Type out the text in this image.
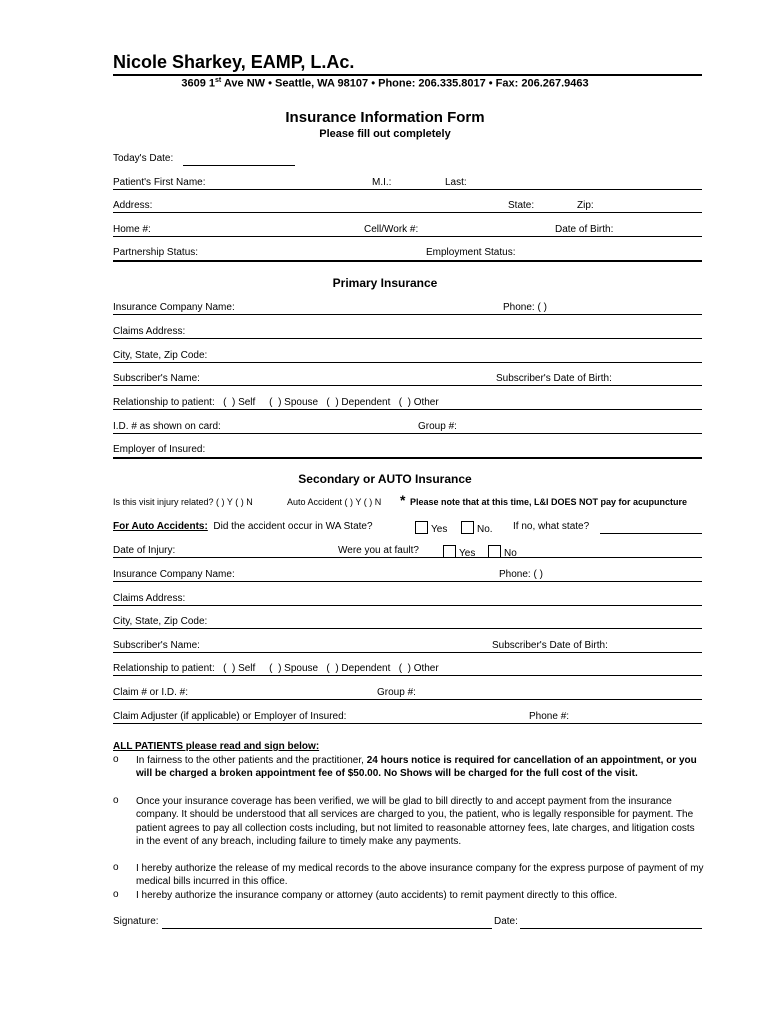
Nicole Sharkey, EAMP, L.Ac.
3609 1st Ave NW • Seattle, WA 98107 • Phone: 206.335.8017 • Fax: 206.267.9463
Insurance Information Form
Please fill out completely
Today's Date:
Patient's First Name:	M.I.:	Last:
Address:	State:	Zip:
Home #:	Cell/Work #:	Date of Birth:
Partnership Status:	Employment Status:
Primary Insurance
Insurance Company Name:	Phone: ( )
Claims Address:
City, State, Zip Code:
Subscriber's Name:	Subscriber's Date of Birth:
Relationship to patient:   (  ) Self     (  ) Spouse   (  ) Dependent   (  ) Other
I.D. # as shown on card:	Group #:
Employer of Insured:
Secondary or AUTO Insurance
Is this visit injury related? ( ) Y ( ) N	Auto Accident ( ) Y ( ) N * Please note that at this time, L&I DOES NOT pay for acupuncture
For Auto Accidents: Did the accident occur in WA State?	Yes	No. If no, what state?
Date of Injury:	Were you at fault?	Yes	No
Insurance Company Name:	Phone: ( )
Claims Address:
City, State, Zip Code:
Subscriber's Name:	Subscriber's Date of Birth:
Relationship to patient:   (  ) Self     (  ) Spouse   (  ) Dependent   (  ) Other
Claim # or I.D. #:	Group #:
Claim Adjuster (if applicable) or Employer of Insured:	Phone #:
ALL PATIENTS please read and sign below:
o In fairness to the other patients and the practitioner, 24 hours notice is required for cancellation of an appointment, or you will be charged a broken appointment fee of $50.00. No Shows will be charged for the full cost of the visit.
o Once your insurance coverage has been verified, we will be glad to bill directly to and accept payment from the insurance company. It should be understood that all services are charged to you, the patient, who is legally responsible for payment. The patient agrees to pay all collection costs including, but not limited to reasonable attorney fees, late charges, and litigation costs in the event of any breach, including failure to timely make any payments.
o I hereby authorize the release of my medical records to the above insurance company for the express purpose of payment of my medical bills incurred in this office.
o I hereby authorize the insurance company or attorney (auto accidents) to remit payment directly to this office.
Signature:	Date:
